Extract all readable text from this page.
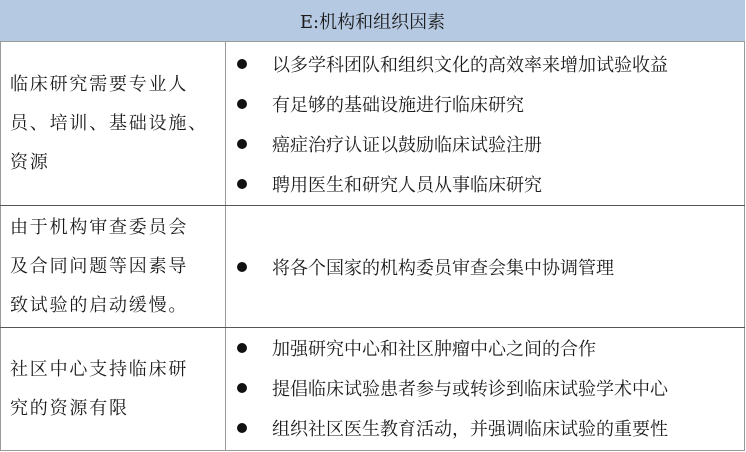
E:机构和组织因素
临床研究需要专业人
员、培训、基础设施、
资源
以多学科团队和组织文化的高效率来增加试验收益
有足够的基础设施进行临床研究
癌症治疗认证以鼓励临床试验注册
聘用医生和研究人员从事临床研究
由于机构审查委员会
及合同问题等因素导
致试验的启动缓慢。
将各个国家的机构委员审查会集中协调管理
社区中心支持临床研
究的资源有限
加强研究中心和社区肿瘤中心之间的合作
提倡临床试验患者参与或转诊到临床试验学术中心
组织社区医生教育活动，并强调临床试验的重要性
